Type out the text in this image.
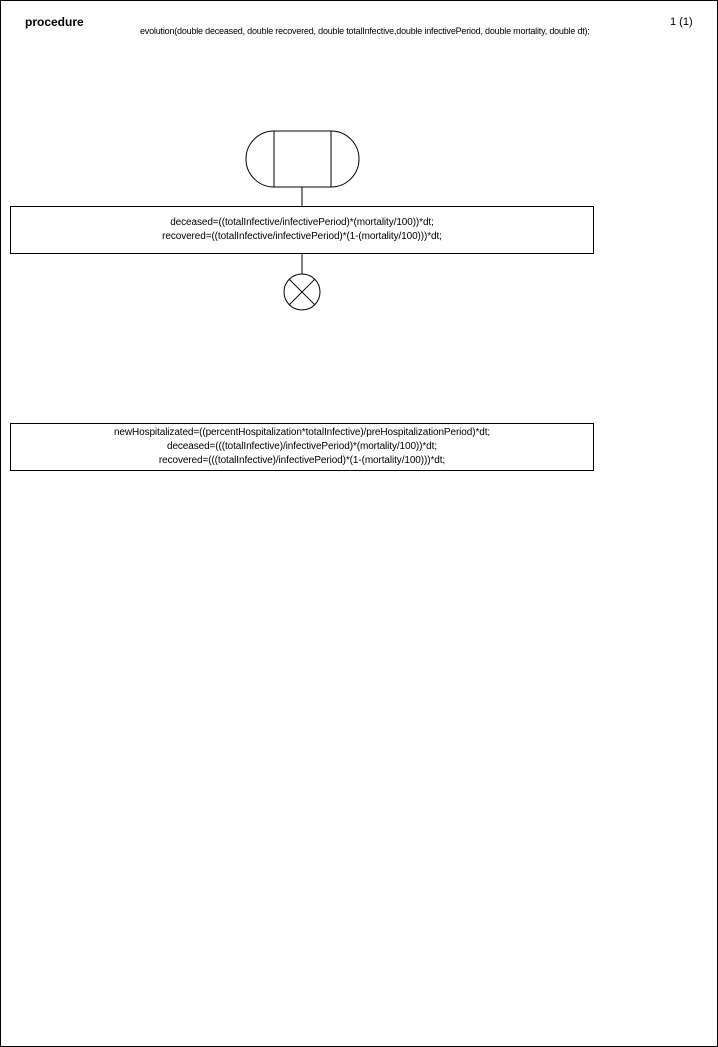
procedure
evolution(double deceased, double recovered, double totalInfective,double infectivePeriod, double mortality, double dt);
1 (1)
deceased=((totalInfective/infectivePeriod)*(mortality/100))*dt;
recovered=((totalInfective/infectivePeriod)*(1-(mortality/100)))*dt;
newHospitalizated=((percentHospitalization*totalInfective)/preHospitalizationPeriod)*dt;
deceased=(((totalInfective)/infectivePeriod)*(mortality/100))*dt;
recovered=(((totalInfective)/infectivePeriod)*(1-(mortality/100)))*dt;
